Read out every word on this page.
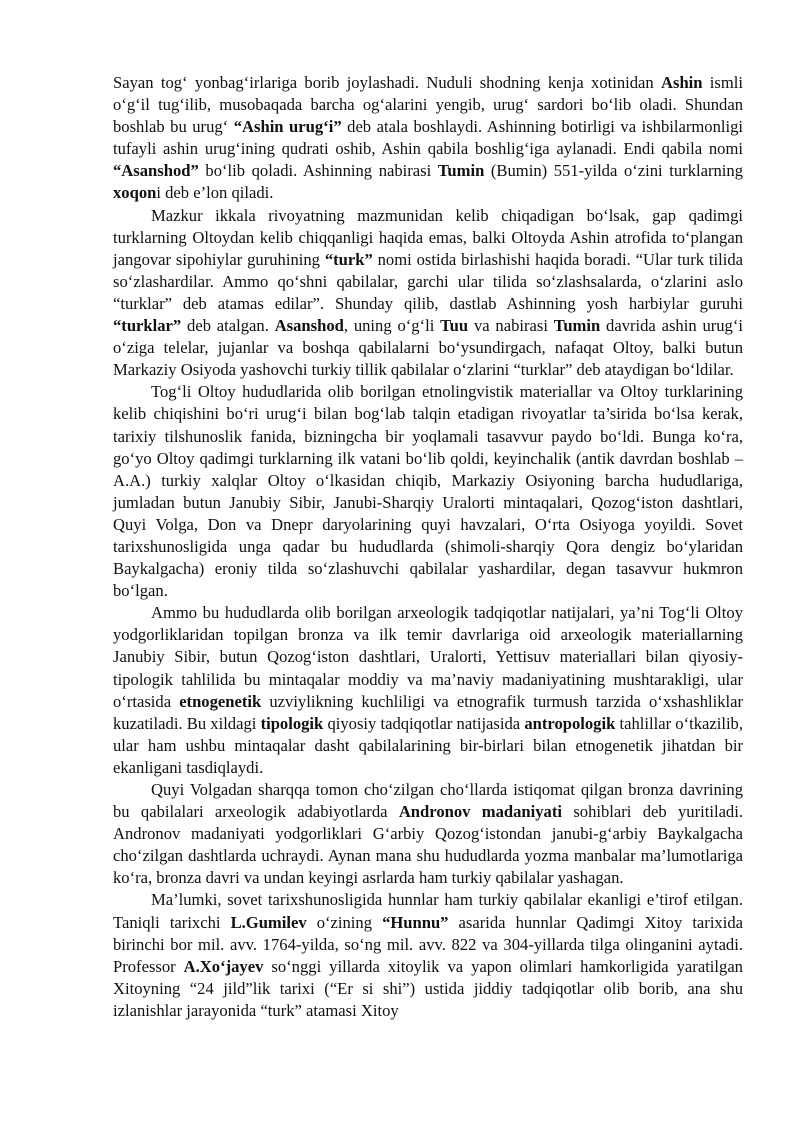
Sayan tog‘ yonbag‘irlariga borib joylashadi. Nuduli shodning kenja xotinidan Ashin ismli o‘g‘il tug‘ilib, musobaqada barcha og‘alarini yengib, urug‘ sardori bo‘lib oladi. Shundan boshlab bu urug‘ “Ashin urug‘i” deb atala boshlaydi. Ashinning botirligi va ishbilarmonligi tufayli ashin urug‘ining qudrati oshib, Ashin qabila boshlig‘iga aylanadi. Endi qabila nomi “Asanshod” bo‘lib qoladi. Ashinning nabirasi Tumin (Bumin) 551-yilda o‘zini turklarning xoqoni deb e’lon qiladi.

Mazkur ikkala rivoyatning mazmunidan kelib chiqadigan bo‘lsak, gap qadimgi turklarning Oltoydan kelib chiqqanligi haqida emas, balki Oltoyda Ashin atrofida to‘plangan jangovar sipohiylar guruhining “turk” nomi ostida birlashishi haqida boradi. “Ular turk tilida so‘zlashardilar. Ammo qo‘shni qabilalar, garchi ular tilida so‘zlashsalarda, o‘zlarini aslo “turklar” deb atamas edilar”. Shunday qilib, dastlab Ashinning yosh harbiylar guruhi “turklar” deb atalgan. Asanshod, uning o‘g‘li Tuu va nabirasi Tumin davrida ashin urug‘i o‘ziga telelar, jujanlar va boshqa qabilalarni bo‘ysundirgach, nafaqat Oltoy, balki butun Markaziy Osiyoda yashovchi turkiy tillik qabilalar o‘zlarini “turklar” deb ataydigan bo‘ldilar.

Tog‘li Oltoy hududlarida olib borilgan etnolingvistik materiallar va Oltoy turklarining kelib chiqishini bo‘ri urug‘i bilan bog‘lab talqin etadigan rivoyatlar ta’sirida bo‘lsa kerak, tarixiy tilshunoslik fanida, bizningcha bir yoqlamali tasavvur paydo bo‘ldi. Bunga ko‘ra, go‘yo Oltoy qadimgi turklarning ilk vatani bo‘lib qoldi, keyinchalik (antik davrdan boshlab – A.A.) turkiy xalqlar Oltoy o‘lkasidan chiqib, Markaziy Osiyoning barcha hududlariga, jumladan butun Janubiy Sibir, Janubi-Sharqiy Uralorti mintaqalari, Qozog‘iston dashtlari, Quyi Volga, Don va Dnepr daryolarining quyi havzalari, O‘rta Osiyoga yoyildi. Sovet tarixshunosligida unga qadar bu hududlarda (shimoli-sharqiy Qora dengiz bo‘ylaridan Baykalgacha) eroniy tilda so‘zlashuvchi qabilalar yashardilar, degan tasavvur hukmron bo‘lgan.

Ammo bu hududlarda olib borilgan arxeologik tadqiqotlar natijalari, ya’ni Tog‘li Oltoy yodgorliklaridan topilgan bronza va ilk temir davrlariga oid arxeologik materiallarning Janubiy Sibir, butun Qozog‘iston dashtlari, Uralorti, Yettisuv materiallari bilan qiyosiy-tipologik tahlilida bu mintaqalar moddiy va ma’naviy madaniyatining mushtarakligi, ular o‘rtasida etnogenetik uzviylikning kuchliligi va etnografik turmush tarzida o‘xshashliklar kuzatiladi. Bu xildagi tipologik qiyosiy tadqiqotlar natijasida antropologik tahlillar o‘tkazilib, ular ham ushbu mintaqalar dasht qabilalarining bir-birlari bilan etnogenetik jihatdan bir ekanligani tasdiqlaydi.

Quyi Volgadan sharqqa tomon cho‘zilgan cho‘llarda istiqomat qilgan bronza davrining bu qabilalari arxeologik adabiyotlarda Andronov madaniyati sohiblari deb yuritiladi. Andronov madaniyati yodgorliklari G‘arbiy Qozog‘istondan janubi-g‘arbiy Baykalgacha cho‘zilgan dashtlarda uchraydi. Aynan mana shu hududlarda yozma manbalar ma’lumotlariga ko‘ra, bronza davri va undan keyingi asrlarda ham turkiy qabilalar yashagan.

Ma’lumki, sovet tarixshunosligida hunnlar ham turkiy qabilalar ekanligi e’tirof etilgan. Taniqli tarixchi L.Gumilev o‘zining “Hunnu” asarida hunnlar Qadimgi Xitoy tarixida birinchi bor mil. avv. 1764-yilda, so‘ng mil. avv. 822 va 304-yillarda tilga olinganini aytadi. Professor A.Xo‘jayev so‘nggi yillarda xitoylik va yapon olimlari hamkorligida yaratilgan Xitoyning “24 jild”lik tarixi (“Er si shi”) ustida jiddiy tadqiqotlar olib borib, ana shu izlanishlar jarayonida “turk” atamasi Xitoy
